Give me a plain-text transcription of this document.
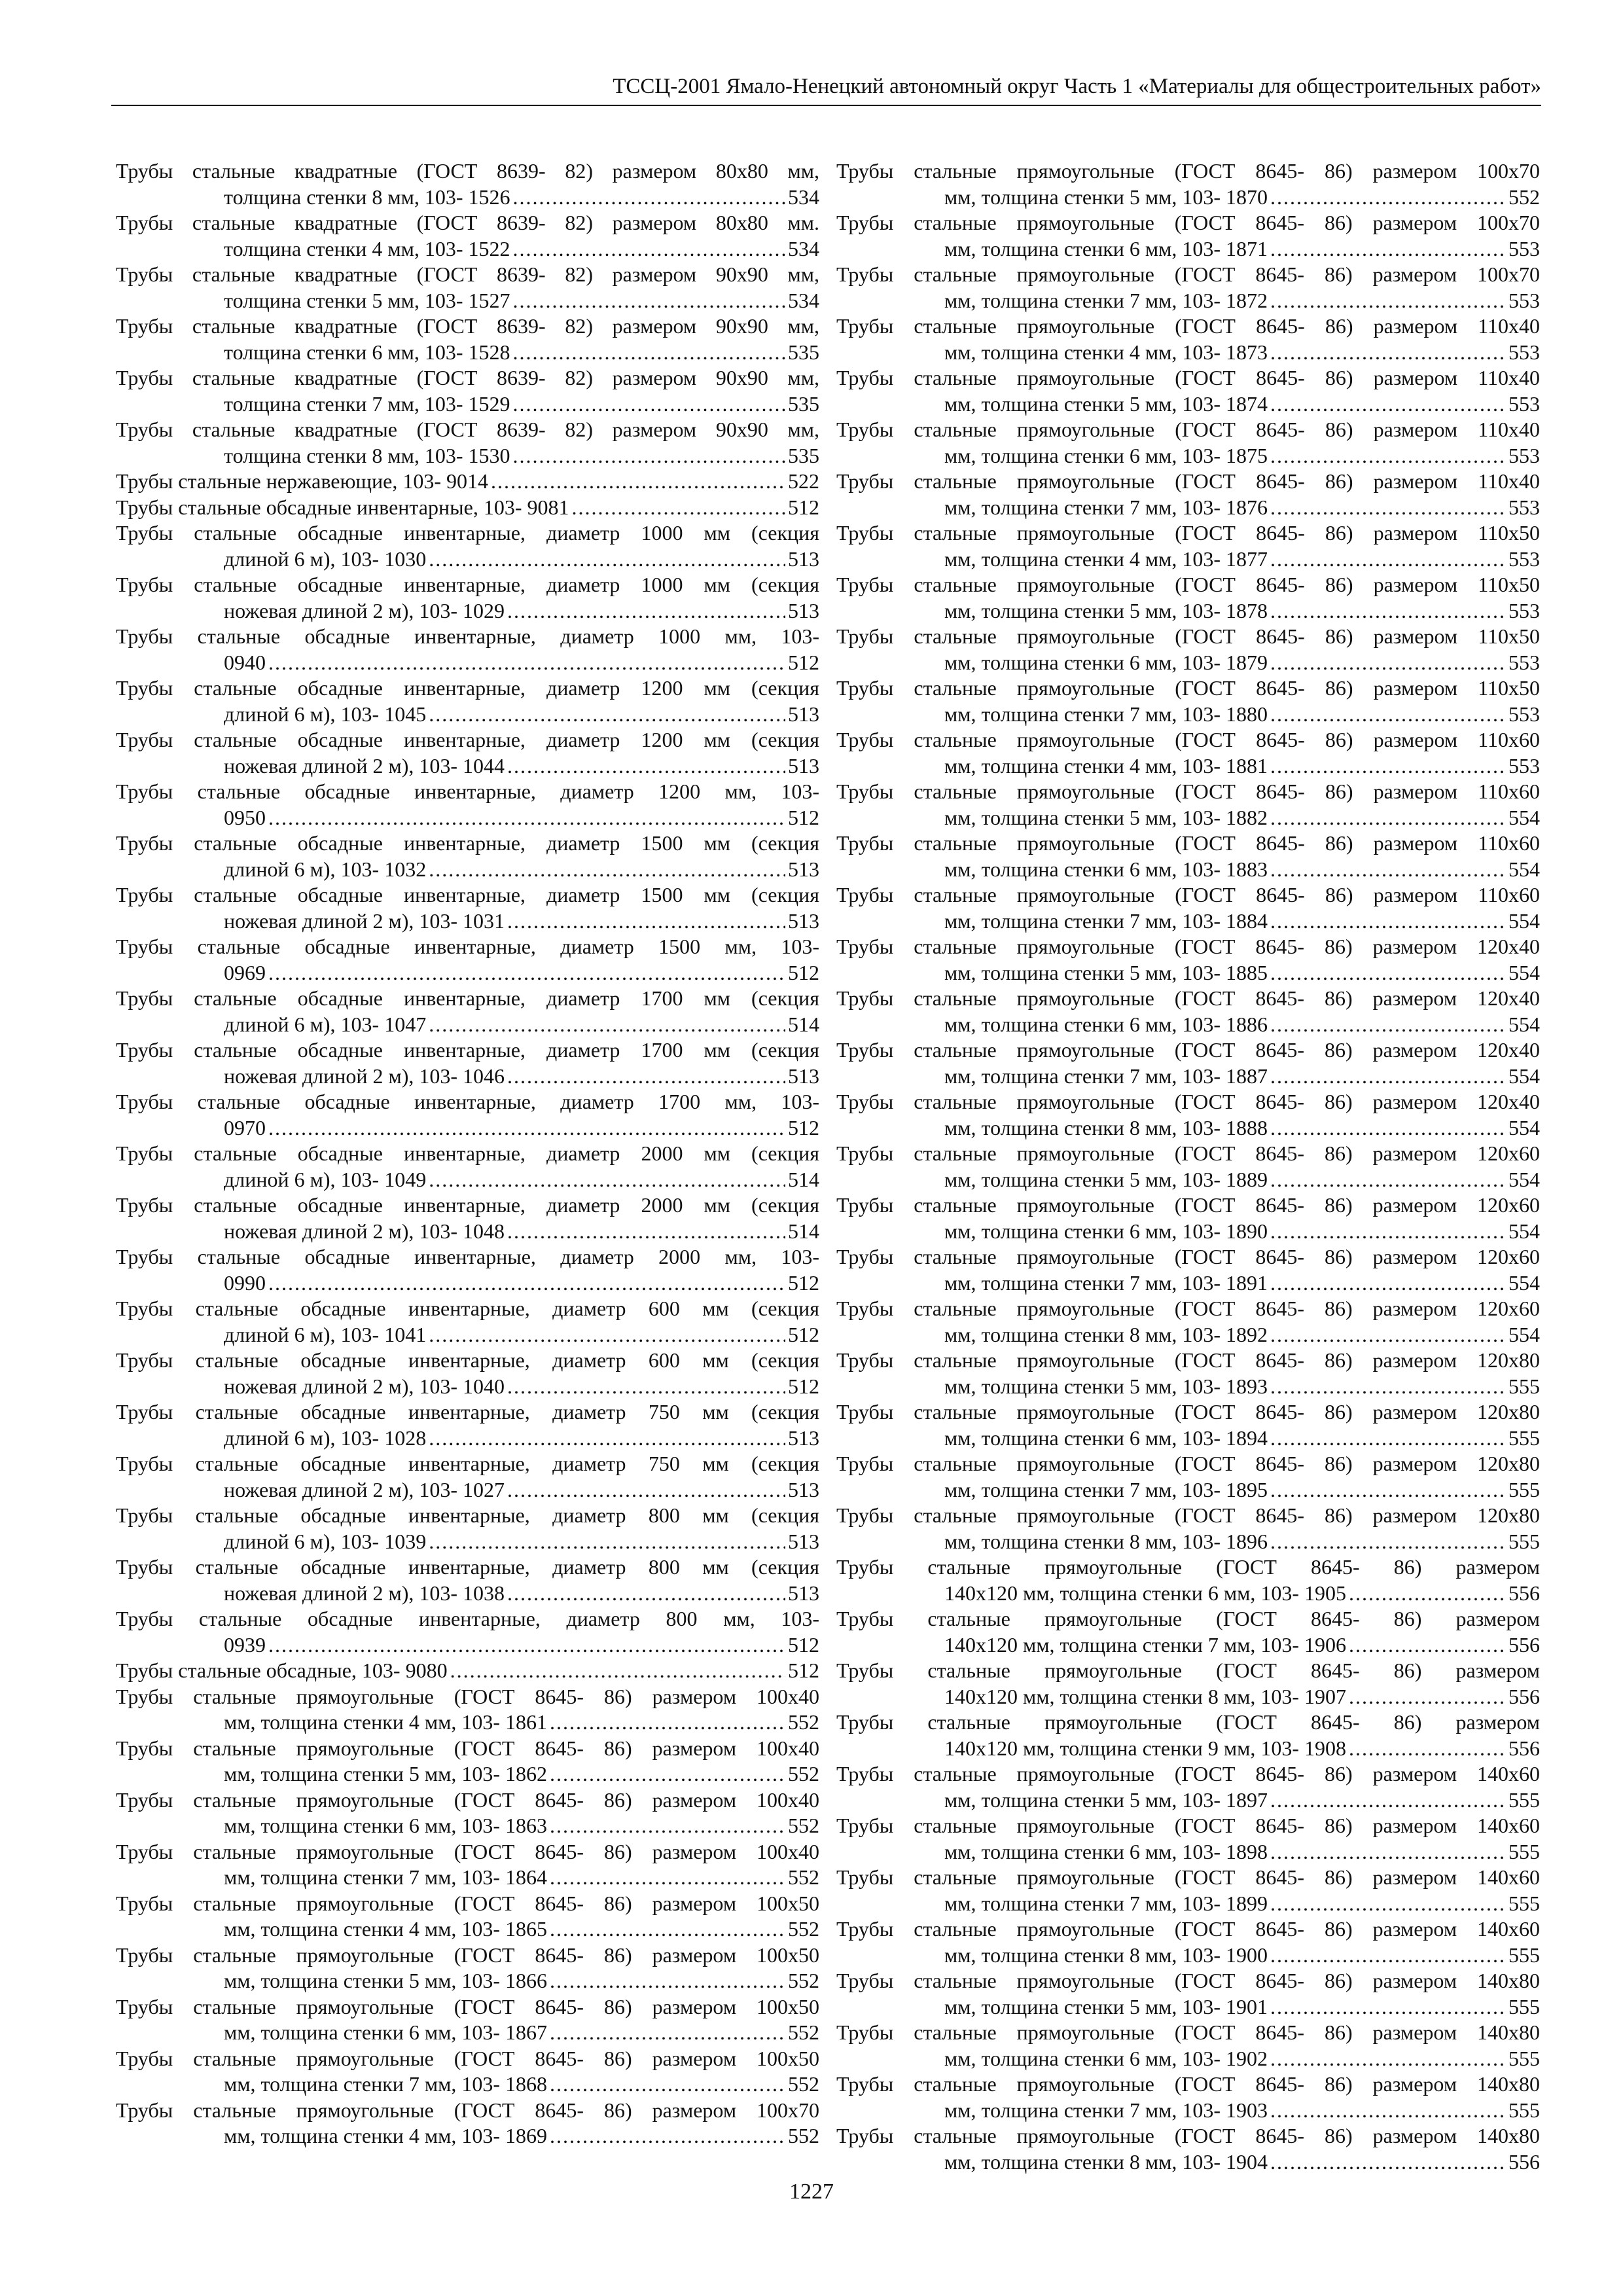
ТССЦ-2001 Ямало-Ненецкий автономный округ Часть 1 «Материалы для общестроительных работ»
Трубы стальные квадратные (ГОСТ 8639- 82) размером 80х80 мм,
толщина стенки 8 мм, 103- 1526 . . .	534
Трубы стальные квадратные (ГОСТ 8639- 82) размером 80х80 мм.
толщина стенки 4 мм, 103- 1522 . . .	534
Трубы стальные квадратные (ГОСТ 8639- 82) размером 90х90 мм,
толщина стенки 5 мм, 103- 1527 . . .	534
Трубы стальные квадратные (ГОСТ 8639- 82) размером 90х90 мм,
толщина стенки 6 мм, 103- 1528 . . .	535
Трубы стальные квадратные (ГОСТ 8639- 82) размером 90х90 мм,
толщина стенки 7 мм, 103- 1529 . . .	535
Трубы стальные квадратные (ГОСТ 8639- 82) размером 90х90 мм,
толщина стенки 8 мм, 103- 1530 . . .	535
Трубы стальные нержавеющие, 103- 9014 . . .	522
Трубы стальные обсадные инвентарные, 103- 9081 . . .	512
Трубы стальные обсадные инвентарные, диаметр 1000 мм (секция
длиной 6 м), 103- 1030 . . .	513
Трубы стальные обсадные инвентарные, диаметр 1000 мм (секция
ножевая длиной 2 м), 103- 1029 . . .	513
Трубы стальные обсадные инвентарные, диаметр 1000 мм, 103-
0940 . . .	512
Трубы стальные обсадные инвентарные, диаметр 1200 мм (секция
длиной 6 м), 103- 1045 . . .	513
Трубы стальные обсадные инвентарные, диаметр 1200 мм (секция
ножевая длиной 2 м), 103- 1044 . . .	513
Трубы стальные обсадные инвентарные, диаметр 1200 мм, 103-
0950 . . .	512
Трубы стальные обсадные инвентарные, диаметр 1500 мм (секция
длиной 6 м), 103- 1032 . . .	513
Трубы стальные обсадные инвентарные, диаметр 1500 мм (секция
ножевая длиной 2 м), 103- 1031 . . .	513
Трубы стальные обсадные инвентарные, диаметр 1500 мм, 103-
0969 . . .	512
Трубы стальные обсадные инвентарные, диаметр 1700 мм (секция
длиной 6 м), 103- 1047 . . .	514
Трубы стальные обсадные инвентарные, диаметр 1700 мм (секция
ножевая длиной 2 м), 103- 1046 . . .	513
Трубы стальные обсадные инвентарные, диаметр 1700 мм, 103-
0970 . . .	512
Трубы стальные обсадные инвентарные, диаметр 2000 мм (секция
длиной 6 м), 103- 1049 . . .	514
Трубы стальные обсадные инвентарные, диаметр 2000 мм (секция
ножевая длиной 2 м), 103- 1048 . . .	514
Трубы стальные обсадные инвентарные, диаметр 2000 мм, 103-
0990 . . .	512
Трубы стальные обсадные инвентарные, диаметр 600 мм (секция
длиной 6 м), 103- 1041 . . .	512
Трубы стальные обсадные инвентарные, диаметр 600 мм (секция
ножевая длиной 2 м), 103- 1040 . . .	512
Трубы стальные обсадные инвентарные, диаметр 750 мм (секция
длиной 6 м), 103- 1028 . . .	513
Трубы стальные обсадные инвентарные, диаметр 750 мм (секция
ножевая длиной 2 м), 103- 1027 . . .	513
Трубы стальные обсадные инвентарные, диаметр 800 мм (секция
длиной 6 м), 103- 1039 . . .	513
Трубы стальные обсадные инвентарные, диаметр 800 мм (секция
ножевая длиной 2 м), 103- 1038 . . .	513
Трубы стальные обсадные инвентарные, диаметр 800 мм, 103-
0939 . . .	512
Трубы стальные обсадные, 103- 9080 . . .	512
Трубы стальные прямоугольные (ГОСТ 8645- 86) размером 100х40
мм, толщина стенки 4 мм, 103- 1861 . . .	552
Трубы стальные прямоугольные (ГОСТ 8645- 86) размером 100х40
мм, толщина стенки 5 мм, 103- 1862 . . .	552
Трубы стальные прямоугольные (ГОСТ 8645- 86) размером 100х40
мм, толщина стенки 6 мм, 103- 1863 . . .	552
Трубы стальные прямоугольные (ГОСТ 8645- 86) размером 100х40
мм, толщина стенки 7 мм, 103- 1864 . . .	552
Трубы стальные прямоугольные (ГОСТ 8645- 86) размером 100х50
мм, толщина стенки 4 мм, 103- 1865 . . .	552
Трубы стальные прямоугольные (ГОСТ 8645- 86) размером 100х50
мм, толщина стенки 5 мм, 103- 1866 . . .	552
Трубы стальные прямоугольные (ГОСТ 8645- 86) размером 100х50
мм, толщина стенки 6 мм, 103- 1867 . . .	552
Трубы стальные прямоугольные (ГОСТ 8645- 86) размером 100х50
мм, толщина стенки 7 мм, 103- 1868 . . .	552
Трубы стальные прямоугольные (ГОСТ 8645- 86) размером 100х70
мм, толщина стенки 4 мм, 103- 1869 . . .	552
Трубы стальные прямоугольные (ГОСТ 8645- 86) размером 100х70
мм, толщина стенки 5 мм, 103- 1870 . . .	552
Трубы стальные прямоугольные (ГОСТ 8645- 86) размером 100х70
мм, толщина стенки 6 мм, 103- 1871 . . .	553
Трубы стальные прямоугольные (ГОСТ 8645- 86) размером 100х70
мм, толщина стенки 7 мм, 103- 1872 . . .	553
Трубы стальные прямоугольные (ГОСТ 8645- 86) размером 110х40
мм, толщина стенки 4 мм, 103- 1873 . . .	553
Трубы стальные прямоугольные (ГОСТ 8645- 86) размером 110х40
мм, толщина стенки 5 мм, 103- 1874 . . .	553
Трубы стальные прямоугольные (ГОСТ 8645- 86) размером 110х40
мм, толщина стенки 6 мм, 103- 1875 . . .	553
Трубы стальные прямоугольные (ГОСТ 8645- 86) размером 110х40
мм, толщина стенки 7 мм, 103- 1876 . . .	553
Трубы стальные прямоугольные (ГОСТ 8645- 86) размером 110х50
мм, толщина стенки 4 мм, 103- 1877 . . .	553
Трубы стальные прямоугольные (ГОСТ 8645- 86) размером 110х50
мм, толщина стенки 5 мм, 103- 1878 . . .	553
Трубы стальные прямоугольные (ГОСТ 8645- 86) размером 110х50
мм, толщина стенки 6 мм, 103- 1879 . . .	553
Трубы стальные прямоугольные (ГОСТ 8645- 86) размером 110х50
мм, толщина стенки 7 мм, 103- 1880 . . .	553
Трубы стальные прямоугольные (ГОСТ 8645- 86) размером 110х60
мм, толщина стенки 4 мм, 103- 1881 . . .	553
Трубы стальные прямоугольные (ГОСТ 8645- 86) размером 110х60
мм, толщина стенки 5 мм, 103- 1882 . . .	554
Трубы стальные прямоугольные (ГОСТ 8645- 86) размером 110х60
мм, толщина стенки 6 мм, 103- 1883 . . .	554
Трубы стальные прямоугольные (ГОСТ 8645- 86) размером 110х60
мм, толщина стенки 7 мм, 103- 1884 . . .	554
Трубы стальные прямоугольные (ГОСТ 8645- 86) размером 120х40
мм, толщина стенки 5 мм, 103- 1885 . . .	554
Трубы стальные прямоугольные (ГОСТ 8645- 86) размером 120х40
мм, толщина стенки 6 мм, 103- 1886 . . .	554
Трубы стальные прямоугольные (ГОСТ 8645- 86) размером 120х40
мм, толщина стенки 7 мм, 103- 1887 . . .	554
Трубы стальные прямоугольные (ГОСТ 8645- 86) размером 120х40
мм, толщина стенки 8 мм, 103- 1888 . . .	554
Трубы стальные прямоугольные (ГОСТ 8645- 86) размером 120х60
мм, толщина стенки 5 мм, 103- 1889 . . .	554
Трубы стальные прямоугольные (ГОСТ 8645- 86) размером 120х60
мм, толщина стенки 6 мм, 103- 1890 . . .	554
Трубы стальные прямоугольные (ГОСТ 8645- 86) размером 120х60
мм, толщина стенки 7 мм, 103- 1891 . . .	554
Трубы стальные прямоугольные (ГОСТ 8645- 86) размером 120х60
мм, толщина стенки 8 мм, 103- 1892 . . .	554
Трубы стальные прямоугольные (ГОСТ 8645- 86) размером 120х80
мм, толщина стенки 5 мм, 103- 1893 . . .	555
Трубы стальные прямоугольные (ГОСТ 8645- 86) размером 120х80
мм, толщина стенки 6 мм, 103- 1894 . . .	555
Трубы стальные прямоугольные (ГОСТ 8645- 86) размером 120х80
мм, толщина стенки 7 мм, 103- 1895 . . .	555
Трубы стальные прямоугольные (ГОСТ 8645- 86) размером 120х80
мм, толщина стенки 8 мм, 103- 1896 . . .	555
Трубы стальные прямоугольные (ГОСТ 8645- 86) размером
140х120 мм, толщина стенки 6 мм, 103- 1905 . . .	556
Трубы стальные прямоугольные (ГОСТ 8645- 86) размером
140х120 мм, толщина стенки 7 мм, 103- 1906 . . .	556
Трубы стальные прямоугольные (ГОСТ 8645- 86) размером
140х120 мм, толщина стенки 8 мм, 103- 1907 . . .	556
Трубы стальные прямоугольные (ГОСТ 8645- 86) размером
140х120 мм, толщина стенки 9 мм, 103- 1908 . . .	556
Трубы стальные прямоугольные (ГОСТ 8645- 86) размером 140х60
мм, толщина стенки 5 мм, 103- 1897 . . .	555
Трубы стальные прямоугольные (ГОСТ 8645- 86) размером 140х60
мм, толщина стенки 6 мм, 103- 1898 . . .	555
Трубы стальные прямоугольные (ГОСТ 8645- 86) размером 140х60
мм, толщина стенки 7 мм, 103- 1899 . . .	555
Трубы стальные прямоугольные (ГОСТ 8645- 86) размером 140х60
мм, толщина стенки 8 мм, 103- 1900 . . .	555
Трубы стальные прямоугольные (ГОСТ 8645- 86) размером 140х80
мм, толщина стенки 5 мм, 103- 1901 . . .	555
Трубы стальные прямоугольные (ГОСТ 8645- 86) размером 140х80
мм, толщина стенки 6 мм, 103- 1902 . . .	555
Трубы стальные прямоугольные (ГОСТ 8645- 86) размером 140х80
мм, толщина стенки 7 мм, 103- 1903 . . .	555
Трубы стальные прямоугольные (ГОСТ 8645- 86) размером 140х80
мм, толщина стенки 8 мм, 103- 1904 . . .	556
1227
